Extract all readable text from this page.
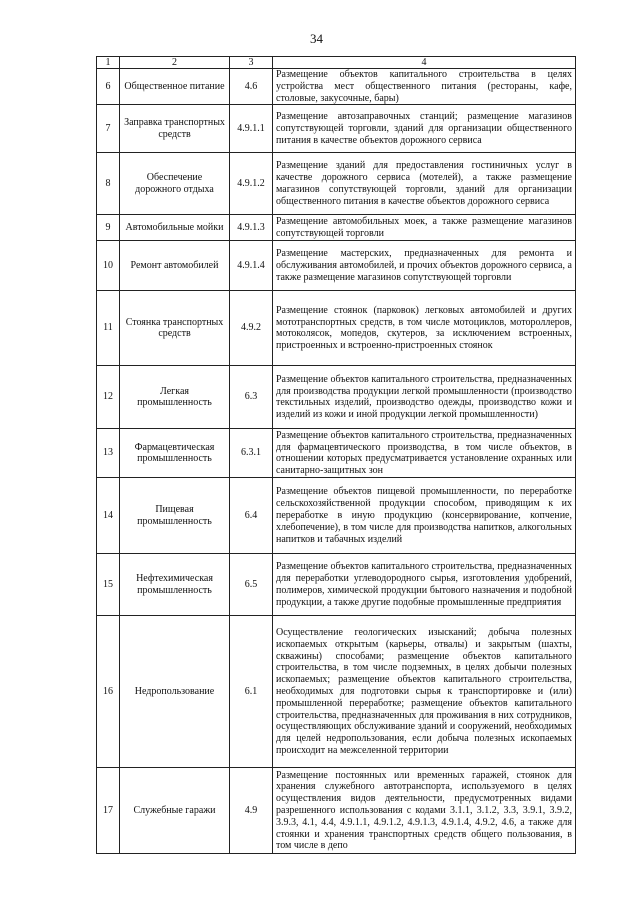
34
1	2	3	4
6	Общественное питание	4.6	Размещение объектов капитального строительства в целях устройства мест общественного питания (рестораны, кафе, столовые, закусочные, бары)
7	Заправка транспортных средств	4.9.1.1	Размещение автозаправочных станций; размещение магазинов сопутствующей торговли, зданий для организации общественного питания в качестве объектов дорожного сервиса
8	Обеспечение дорожного отдыха	4.9.1.2	Размещение зданий для предоставления гостиничных услуг в качестве дорожного сервиса (мотелей), а также размещение магазинов сопутствующей торговли, зданий для организации общественного питания в качестве объектов дорожного сервиса
9	Автомобильные мойки	4.9.1.3	Размещение автомобильных моек, а также размещение магазинов сопутствующей торговли
10	Ремонт автомобилей	4.9.1.4	Размещение мастерских, предназначенных для ремонта и обслуживания автомобилей, и прочих объектов дорожного сервиса, а также размещение магазинов сопутствующей торговли
11	Стоянка транспортных средств	4.9.2	Размещение стоянок (парковок) легковых автомобилей и других мототранспортных средств, в том числе мотоциклов, мотороллеров, мотоколясок, мопедов, скутеров, за исключением встроенных, пристроенных и встроенно-пристроенных стоянок
12	Легкая промышленность	6.3	Размещение объектов капитального строительства, предназначенных для производства продукции легкой промышленности (производство текстильных изделий, производство одежды, производство кожи и изделий из кожи и иной продукции легкой промышленности)
13	Фармацевтическая промышленность	6.3.1	Размещение объектов капитального строительства, предназначенных для фармацевтического производства, в том числе объектов, в отношении которых предусматривается установление охранных или санитарно-защитных зон
14	Пищевая промышленность	6.4	Размещение объектов пищевой промышленности, по переработке сельскохозяйственной продукции способом, приводящим к их переработке в иную продукцию (консервирование, копчение, хлебопечение), в том числе для производства напитков, алкогольных напитков и табачных изделий
15	Нефтехимическая промышленность	6.5	Размещение объектов капитального строительства, предназначенных для переработки углеводородного сырья, изготовления удобрений, полимеров, химической продукции бытового назначения и подобной продукции, а также другие подобные промышленные предприятия
16	Недропользование	6.1	Осуществление геологических изысканий; добыча полезных ископаемых открытым (карьеры, отвалы) и закрытым (шахты, скважины) способами; размещение объектов капитального строительства, в том числе подземных, в целях добычи полезных ископаемых; размещение объектов капитального строительства, необходимых для подготовки сырья к транспортировке и (или) промышленной переработке; размещение объектов капитального строительства, предназначенных для проживания в них сотрудников, осуществляющих обслуживание зданий и сооружений, необходимых для целей недропользования, если добыча полезных ископаемых происходит на межселенной территории
17	Служебные гаражи	4.9	Размещение постоянных или временных гаражей, стоянок для хранения служебного автотранспорта, используемого в целях осуществления видов деятельности, предусмотренных видами разрешенного использования с кодами 3.1.1, 3.1.2, 3.3, 3.9.1, 3.9.2, 3.9.3, 4.1, 4.4, 4.9.1.1, 4.9.1.2, 4.9.1.3, 4.9.1.4, 4.9.2, 4.6, а также для стоянки и хранения транспортных средств общего пользования, в том числе в депо
